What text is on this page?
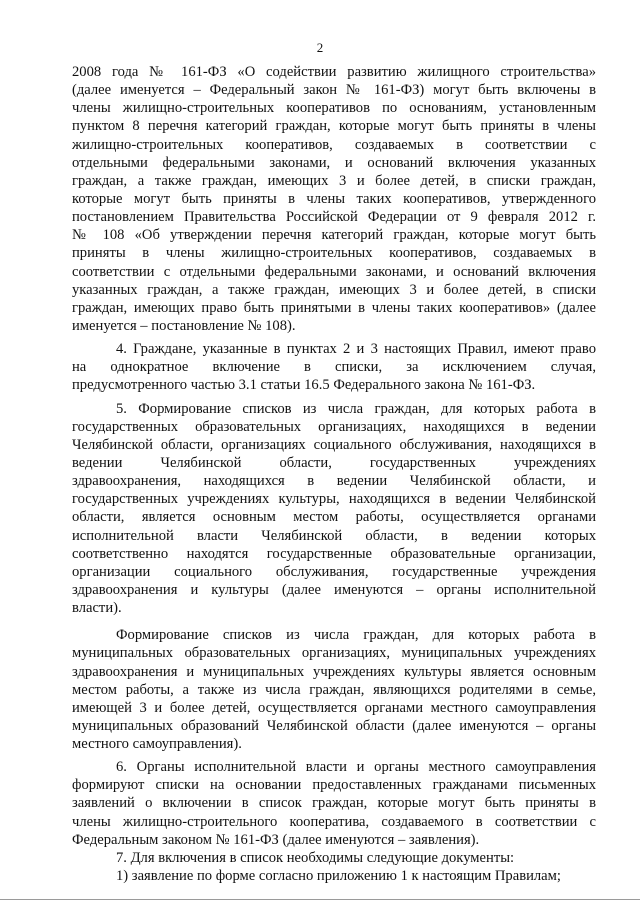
2
2008 года № 161-ФЗ «О содействии развитию жилищного строительства»
(далее именуется – Федеральный закон № 161-ФЗ) могут быть включены в
члены жилищно-строительных кооперативов по основаниям, установленным
пунктом 8 перечня категорий граждан, которые могут быть приняты в члены
жилищно-строительных кооперативов, создаваемых в соответствии с
отдельными федеральными законами, и оснований включения указанных
граждан, а также граждан, имеющих 3 и более детей, в списки граждан,
которые могут быть приняты в члены таких кооперативов, утвержденного
постановлением Правительства Российской Федерации от 9 февраля 2012 г.
№ 108 «Об утверждении перечня категорий граждан, которые могут быть
приняты в члены жилищно-строительных кооперативов, создаваемых в
соответствии с отдельными федеральными законами, и оснований включения
указанных граждан, а также граждан, имеющих 3 и более детей, в списки
граждан, имеющих право быть принятыми в члены таких кооперативов» (далее
именуется – постановление № 108).
4. Граждане, указанные в пунктах 2 и 3 настоящих Правил, имеют право
на однократное включение в списки, за исключением случая,
предусмотренного частью 3.1 статьи 16.5 Федерального закона № 161-ФЗ.
5. Формирование списков из числа граждан, для которых работа в
государственных образовательных организациях, находящихся в ведении
Челябинской области, организациях социального обслуживания, находящихся в
ведении Челябинской области, государственных учреждениях
здравоохранения, находящихся в ведении Челябинской области, и
государственных учреждениях культуры, находящихся в ведении Челябинской
области, является основным местом работы, осуществляется органами
исполнительной власти Челябинской области, в ведении которых
соответственно находятся государственные образовательные организации,
организации социального обслуживания, государственные учреждения
здравоохранения и культуры (далее именуются – органы исполнительной
власти).
Формирование списков из числа граждан, для которых работа в
муниципальных образовательных организациях, муниципальных учреждениях
здравоохранения и муниципальных учреждениях культуры является основным
местом работы, а также из числа граждан, являющихся родителями в семье,
имеющей 3 и более детей, осуществляется органами местного самоуправления
муниципальных образований Челябинской области (далее именуются – органы
местного самоуправления).
6. Органы исполнительной власти и органы местного самоуправления
формируют списки на основании предоставленных гражданами письменных
заявлений о включении в список граждан, которые могут быть приняты в
члены жилищно-строительного кооператива, создаваемого в соответствии с
Федеральным законом № 161-ФЗ (далее именуются – заявления).
7. Для включения в список необходимы следующие документы:
1) заявление по форме согласно приложению 1 к настоящим Правилам;
